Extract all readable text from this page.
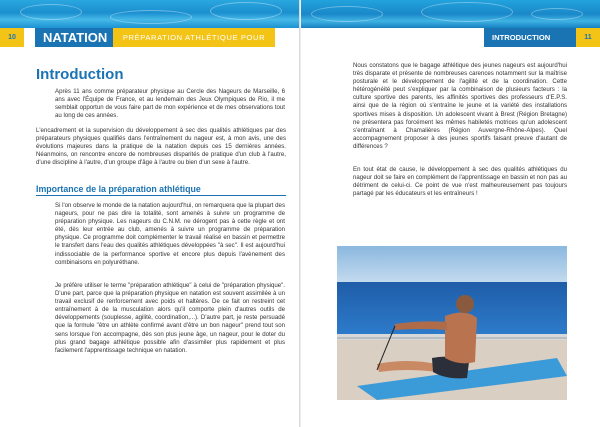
10	NATATION	PRÉPARATION ATHLÉTIQUE POUR TOUS
Introduction

Après 11 ans comme préparateur physique au Cercle des Nageurs de Marseille, 6 ans avec l'Équipe de France, et au lendemain des Jeux Olympiques de Rio, il me semblait opportun de vous faire part de mon expérience et de mes observations tout au long de ces années.

L'encadrement et la supervision du développement à sec des qualités athlétiques par des préparateurs physiques qualifiés dans l'entraînement du nageur est, à mon avis, une des évolutions majeures dans la pratique de la natation depuis ces 15 dernières années. Néanmoins, on rencontre encore de nombreuses disparités de pratique d'un club à l'autre, d'une discipline à l'autre, d'un groupe d'âge à l'autre ou bien d'un sexe à l'autre.

Importance de la préparation athlétique

Si l'on observe le monde de la natation aujourd'hui, on remarquera que la plupart des nageurs, pour ne pas dire la totalité, sont amenés à suivre un programme de préparation physique. Les nageurs du C.N.M. ne dérogent pas à cette règle et ont été, dès leur entrée au club, amenés à suivre un programme de préparation physique. Ce programme doit complémenter le travail réalisé en bassin et permettre le transfert dans l'eau des qualités athlétiques développées "à sec". Il est aujourd'hui indissociable de la performance sportive et encore plus depuis l'avènement des combinaisons en polyuréthane.

Je préfère utiliser le terme "préparation athlétique" à celui de "préparation physique". D'une part, parce que la préparation physique en natation est souvent assimilée à un travail exclusif de renforcement avec poids et haltères. De ce fait on restreint cet entraînement à de la musculation alors qu'il comporte plein d'autres outils de développements (souplesse, agilité, coordination,...). D'autre part, je reste persuadé que la formule "être un athlète confirmé avant d'être un bon nageur" prend tout son sens lorsque l'on accompagne, dès son plus jeune âge, un nageur, pour le doter du plus grand bagage athlétique possible afin d'assimiler plus rapidement et plus facilement l'apprentissage technique en natation.

INTRODUCTION	11

Nous constatons que le bagage athlétique des jeunes nageurs est aujourd'hui très disparate et présente de nombreuses carences notamment sur la maîtrise posturale et le développement de l'agilité et de la coordination. Cette hétérogénéité peut s'expliquer par la combinaison de plusieurs facteurs : la culture sportive des parents, les affinités sportives des professeurs d'E.P.S. ainsi que de la région où s'entraîne le jeune et la variété des installations sportives mises à disposition. Un adolescent vivant à Brest (Région Bretagne) ne présentera pas forcément les mêmes habiletés motrices qu'un adolescent s'entraînant à Chamalières (Région Auvergne-Rhône-Alpes). Quel accompagnement proposer à des jeunes sportifs faisant preuve d'autant de différences ?

En tout état de cause, le développement à sec des qualités athlétiques du nageur doit se faire en complément de l'apprentissage en bassin et non pas au détriment de celui-ci. Ce point de vue n'est malheureusement pas toujours partagé par les éducateurs et les entraîneurs !
